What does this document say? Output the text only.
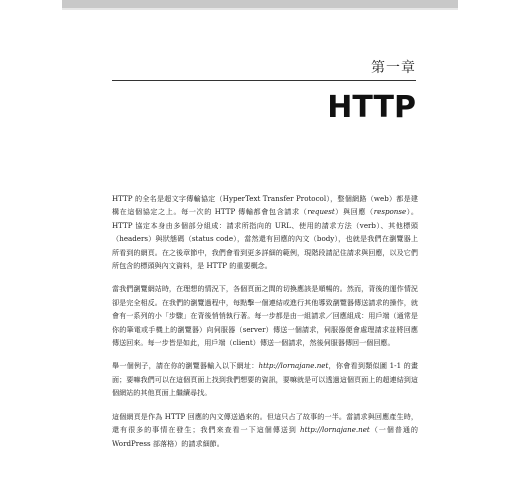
第一章
HTTP

HTTP 的全名是超文字傳輸協定（HyperText Transfer Protocol），整個網路（web）都是建構在這個協定之上。每一次的 HTTP 傳輸都會包含請求（request）與回應（response）。HTTP 協定本身由多個部分組成：請求所指向的 URL、使用的請求方法（verb）、其他標頭（headers）與狀態碼（status code），當然還有回應的內文（body），也就是我們在瀏覽器上所看到的網頁。在之後章節中，我們會看到更多詳細的範例，現階段請記住請求與回應，以及它們所包含的標頭與內文資料，是 HTTP 的重要概念。

當我們瀏覽網站時，在理想的情況下，各個頁面之間的切換應該是順暢的。然而，背後的運作情況卻是完全相反。在我們的瀏覽過程中，每點擊一個連結或進行其他導致瀏覽器傳送請求的操作，就會有一系列的小「步驟」在背後悄悄執行著。每一步都是由一組請求／回應組成：用戶端（通常是你的筆電或手機上的瀏覽器）向伺服器（server）傳送一個請求，伺服器便會處理請求並將回應傳送回來。每一步皆是如此，用戶端（client）傳送一個請求，然後伺服器傳回一個回應。

舉一個例子，請在你的瀏覽器輸入以下網址：http://lornajane.net，你會看到類似圖 1-1 的畫面；要嘛我們可以在這個頁面上找到我們想要的資訊，要嘛就是可以透過這個頁面上的超連結到這個網站的其他頁面上繼續尋找。

這個網頁是作為 HTTP 回應的內文傳送過來的。但這只占了故事的一半。當請求與回應產生時，還有很多的事情在發生；我們來查看一下這個傳送到 http://lornajane.net（一個普通的 WordPress 部落格）的請求細節。
